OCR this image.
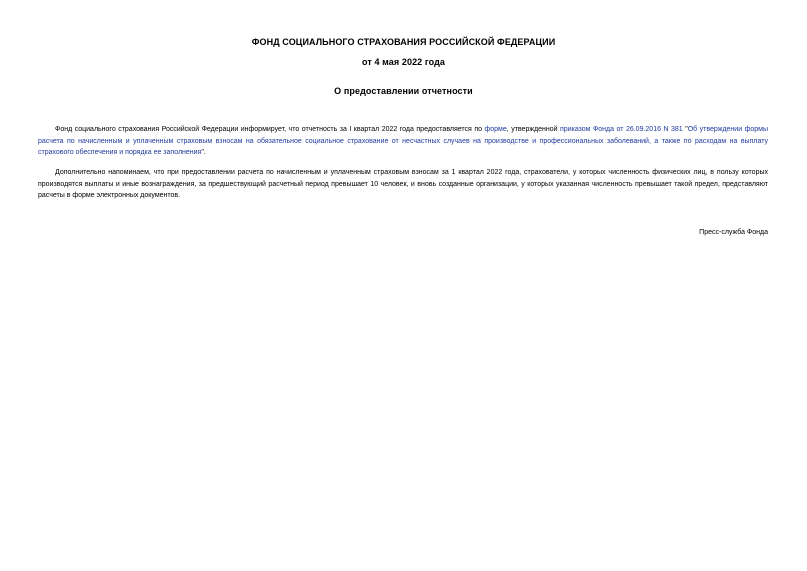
ФОНД СОЦИАЛЬНОГО СТРАХОВАНИЯ РОССИЙСКОЙ ФЕДЕРАЦИИ
от 4 мая 2022 года
О предоставлении отчетности

Фонд социального страхования Российской Федерации информирует, что отчетность за I квартал 2022 года предоставляется по форме, утвержденной приказом Фонда от 26.09.2016 N 381 "Об утверждении формы расчета по начисленным и уплаченным страховым взносам на обязательное социальное страхование от несчастных случаев на производстве и профессиональных заболеваний, а также по расходам на выплату страхового обеспечения и порядка ее заполнения".

Дополнительно напоминаем, что при предоставлении расчета по начисленным и уплаченным страховым взносам за 1 квартал 2022 года, страхователи, у которых численность физических лиц, в пользу которых производятся выплаты и иные вознаграждения, за предшествующий расчетный период превышает 10 человек, и вновь созданные организации, у которых указанная численность превышает такой предел, представляют расчеты в форме электронных документов.

Пресс-служба Фонда
